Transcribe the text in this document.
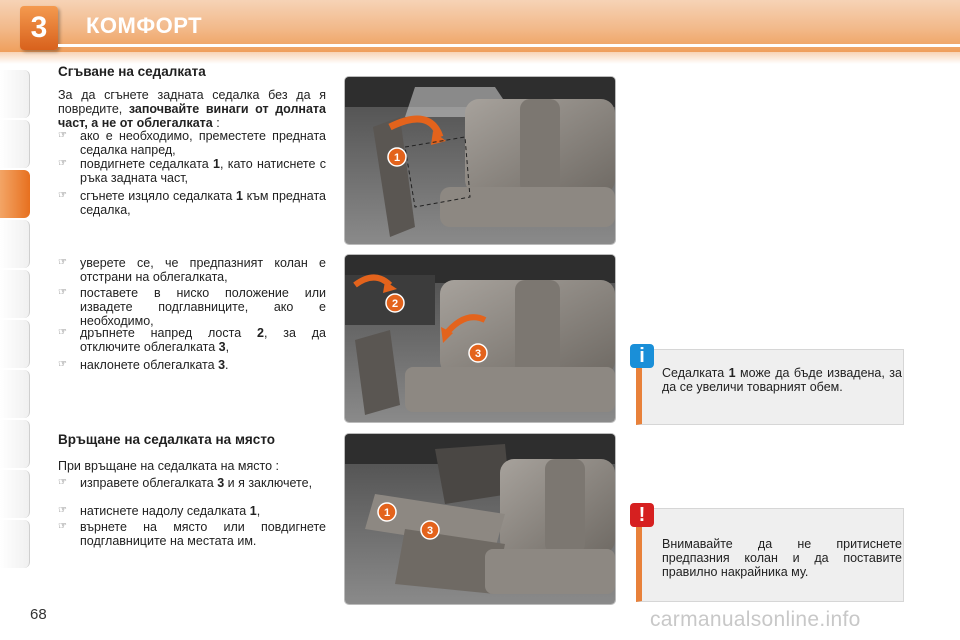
3	КОМФОРТ
Сгъване на седалката
За да сгънете задната седалка без да я повредите, започвайте винаги от долната част, а не от облегалката :
☞	ако е необходимо, преместете предната седалка напред,
☞	повдигнете седалката 1, като натиснете с ръка задната част,
☞	сгънете изцяло седалката 1 към предната седалка,
☞	уверете се, че предпазният колан е отстрани на облегалката,
☞	поставете в ниско положение или извадете подглавниците, ако е необходимо,
☞	дръпнете напред лоста 2, за да отключите облегалката 3,
☞	наклонете облегалката 3.
Връщане на седалката на място
При връщане на седалката на място :
☞	изправете облегалката 3 и я заключете,
☞	натиснете надолу седалката 1,
☞	върнете на място или повдигнете подглавниците на местата им.
1
2
3
1
3
i
Седалката 1 може да бъде извадена, за да се увеличи товарният обем.
!
Внимавайте да не притиснете предпазния колан и да поставите правилно накрайника му.
68	carmanualsonline.info
